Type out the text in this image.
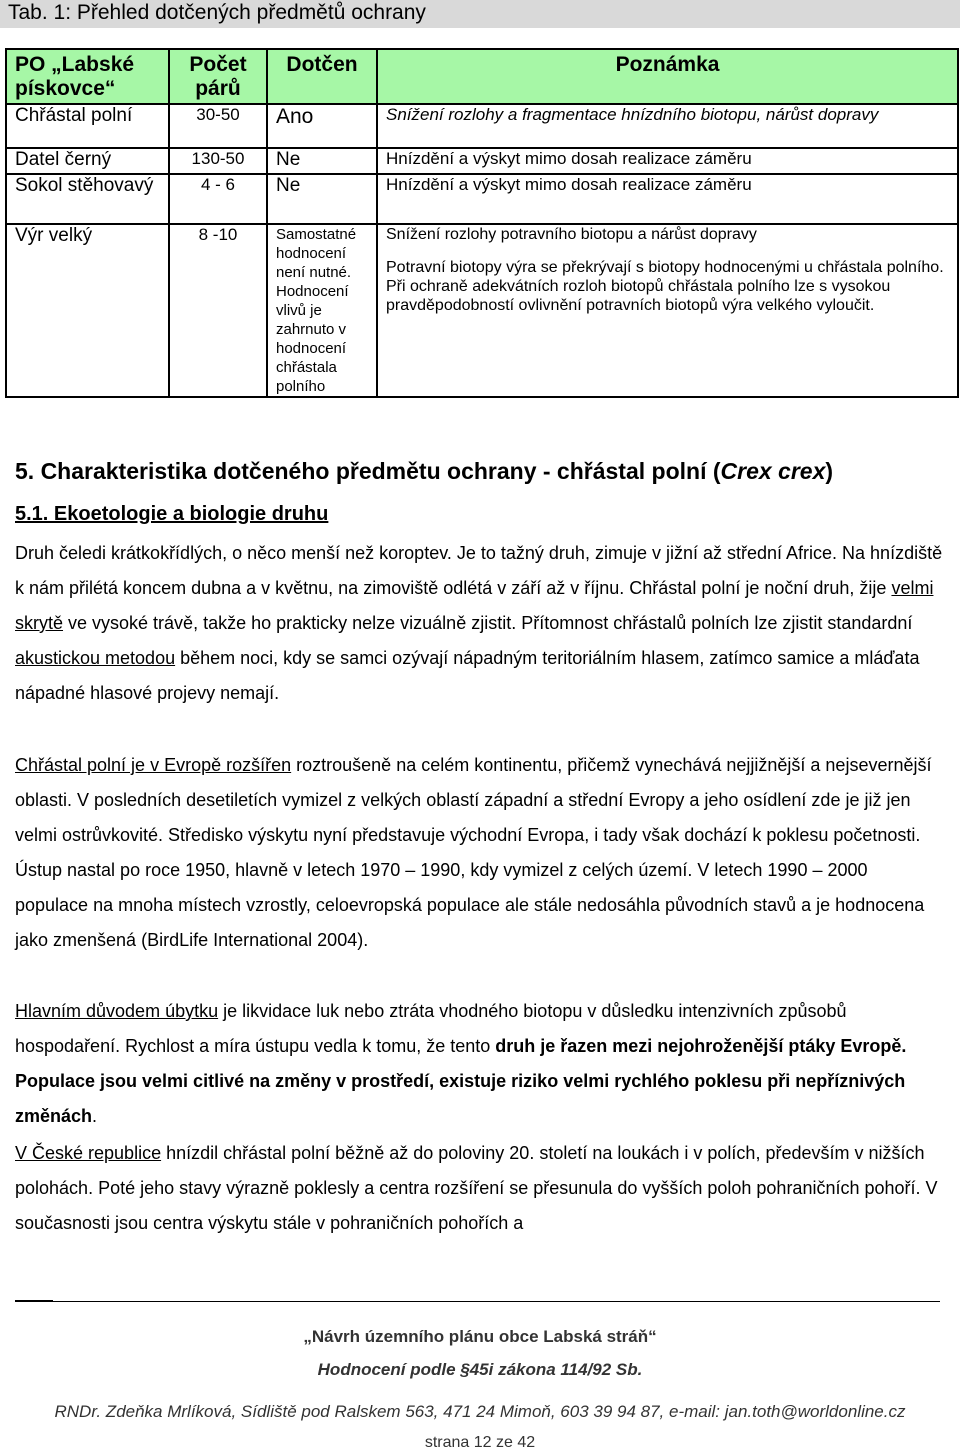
Tab. 1: Přehled dotčených předmětů ochrany
PO „Labské pískovce“	Počet párů	Dotčen	Poznámka
Chřástal polní	30-50	Ano	Snížení rozlohy a fragmentace hnízdního biotopu, nárůst dopravy
Datel černý	130-50	Ne	Hnízdění a výskyt mimo dosah realizace záměru
Sokol stěhovavý	4 - 6	Ne	Hnízdění a výskyt mimo dosah realizace záměru
Výr velký	8 -10	Samostatné hodnocení není nutné. Hodnocení vlivů je zahrnuto v hodnocení chřástala polního	Snížení rozlohy potravního biotopu a nárůst dopravy
Potravní biotopy výra se překrývají s biotopy hodnocenými u chřástala polního. Při ochraně adekvátních rozloh biotopů chřástala polního lze s vysokou pravděpodobností ovlivnění potravních biotopů výra velkého vyloučit.
5. Charakteristika dotčeného předmětu ochrany - chřástal polní (Crex crex)
5.1. Ekoetologie a biologie druhu
Druh čeledi krátkokřídlých, o něco menší než koroptev. Je to tažný druh, zimuje v jižní až střední Africe. Na hnízdiště k nám přilétá koncem dubna a v květnu, na zimoviště odlétá v září až v říjnu. Chřástal polní je noční druh, žije velmi skrytě ve vysoké trávě, takže ho prakticky nelze vizuálně zjistit. Přítomnost chřástalů polních lze zjistit standardní akustickou metodou během noci, kdy se samci ozývají nápadným teritoriálním hlasem, zatímco samice a mláďata nápadné hlasové projevy nemají.
Chřástal polní je v Evropě rozšířen roztroušeně na celém kontinentu, přičemž vynechává nejjižnější a nejsevernější oblasti. V posledních desetiletích vymizel z velkých oblastí západní a střední Evropy a jeho osídlení zde je již jen velmi ostrůvkovité. Středisko výskytu nyní představuje východní Evropa, i tady však dochází k poklesu početnosti. Ústup nastal po roce 1950, hlavně v letech 1970 – 1990, kdy vymizel z celých území. V letech 1990 – 2000 populace na mnoha místech vzrostly, celoevropská populace ale stále nedosáhla původních stavů a je hodnocena jako zmenšená (BirdLife International 2004).
Hlavním důvodem úbytku je likvidace luk nebo ztráta vhodného biotopu v důsledku intenzivních způsobů hospodaření. Rychlost a míra ústupu vedla k tomu, že tento druh je řazen mezi nejohroženější ptáky Evropě. Populace jsou velmi citlivé na změny v prostředí, existuje riziko velmi rychlého poklesu při nepříznivých změnách.
V České republice hnízdil chřástal polní běžně až do poloviny 20. století na loukách i v polích, především v nižších polohách. Poté jeho stavy výrazně poklesly a centra rozšíření se přesunula do vyšších poloh pohraničních pohoří. V současnosti jsou centra výskytu stále v pohraničních pohořích a
„Návrh územního plánu obce Labská stráň“
Hodnocení podle §45i zákona 114/92 Sb.
RNDr. Zdeňka Mrlíková, Sídliště pod Ralskem 563, 471 24 Mimoň, 603 39 94 87, e-mail: jan.toth@worldonline.cz
strana 12 ze 42
